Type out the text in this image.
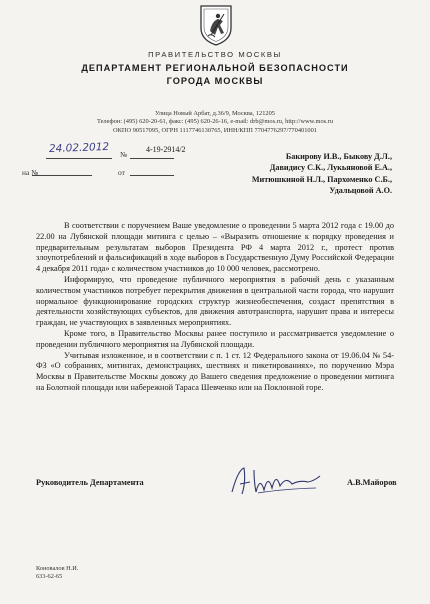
ПРАВИТЕЛЬСТВО МОСКВЫ
ДЕПАРТАМЕНТ РЕГИОНАЛЬНОЙ БЕЗОПАСНОСТИ
ГОРОДА МОСКВЫ
Улица Новый Арбат, д.36/9, Москва, 121205
Телефон: (495) 620-20-61, факс: (495) 620-26-16, e-mail: drb@mos.ru, http://www.mos.ru
ОКПО 90517095, ОГРН 1117746130765, ИНН/КПП 7704776297/770401001
24.02.2012 №
4-19-2914/2
на №	от
Бакирову И.В., Быкову Д.Л.,
Давидису С.К., Лукьяновой Е.А.,
Митюшкиной Н.Л., Пархоменко С.Б.,
Удальцовой А.О.

В соответствии с поручением Ваше уведомление о проведении 5 марта 2012 года с 19.00 до 22.00 на Лубянской площади митинга с целью – «Выразить отношение к порядку проведения и предварительным результатам выборов Президента РФ 4 марта 2012 г., протест против злоупотреблений и фальсификаций в ходе выборов в Государственную Думу Российской Федерации 4 декабря 2011 года» с количеством участников до 10 000 человек, рассмотрено.

Информирую, что проведение публичного мероприятия в рабочий день с указанным количеством участников потребует перекрытия движения в центральной части города, что нарушит нормальное функционирование городских структур жизнеобеспечения, создаст препятствия в деятельности хозяйствующих субъектов, для движения автотранспорта, нарушит права и интересы граждан, не участвующих в заявленных мероприятиях.

Кроме того, в Правительство Москвы ранее поступило и рассматривается уведомление о проведении публичного мероприятия на Лубянской площади.

Учитывая изложенное, и в соответствии с п. 1 ст. 12 Федерального закона от 19.06.04 № 54-ФЗ «О собраниях, митингах, демонстрациях, шествиях и пикетированиях», по поручению Мэра Москвы в Правительстве Москвы довожу до Вашего сведения предложение о проведении митинга на Болотной площади или набережной Тараса Шевченко или на Поклонной горе.

Руководитель Департамента	А.В.Майоров
Коновалов Н.И.
633-62-65
